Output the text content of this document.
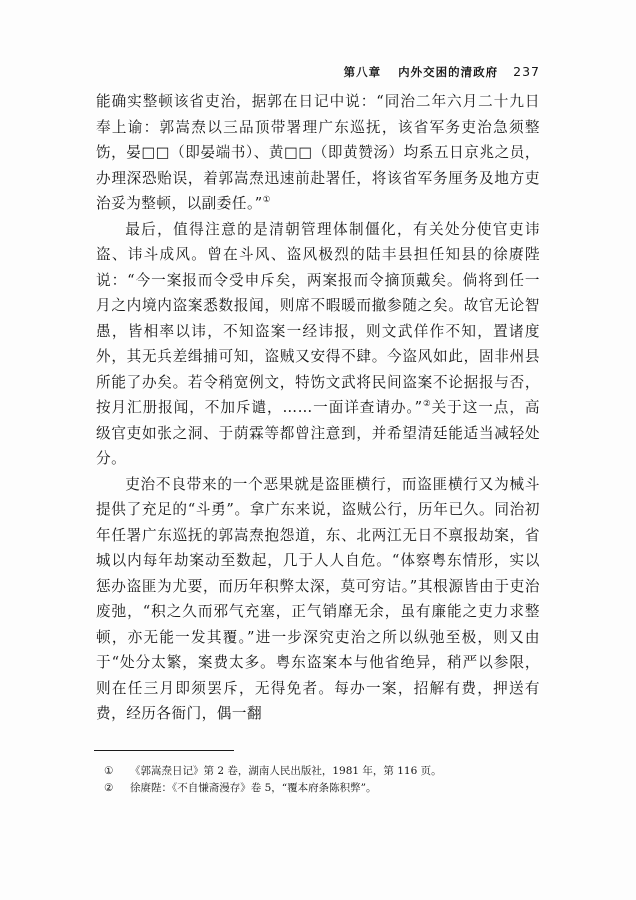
第八章 内外交困的清政府 237

能确实整顿该省吏治，据郭在日记中说：“同治二年六月二十九日奉上谕：郭嵩焘以三品顶带署理广东巡抚，该省军务吏治急须整饬，晏□□（即晏端书）、黄□□（即黄赞汤）均系五日京兆之员，办理深恐贻误，着郭嵩焘迅速前赴署任，将该省军务厘务及地方吏治妥为整顿，以副委任。”①

最后，值得注意的是清朝管理体制僵化，有关处分使官吏讳盗、讳斗成风。曾在斗风、盗风极烈的陆丰县担任知县的徐赓陛说：“今一案报而令受申斥矣，两案报而令摘顶戴矣。倘将到任一月之内境内盗案悉数报闻，则席不暇暖而撤参随之矣。故官无论智愚，皆相率以讳，不知盗案一经讳报，则文武佯作不知，置诸度外，其无兵差缉捕可知，盗贼又安得不肆。今盗风如此，固非州县所能了办矣。若令稍宽例文，特饬文武将民间盗案不论据报与否，按月汇册报闻，不加斥谴，……一面详查请办。”②关于这一点，高级官吏如张之洞、于荫霖等都曾注意到，并希望清廷能适当减轻处分。

吏治不良带来的一个恶果就是盗匪横行，而盗匪横行又为械斗提供了充足的“斗勇”。拿广东来说，盗贼公行，历年已久。同治初年任署广东巡抚的郭嵩焘抱怨道，东、北两江无日不禀报劫案，省城以内每年劫案动至数起，几于人人自危。“体察粤东情形，实以惩办盗匪为尤要，而历年积弊太深，莫可穷诘。”其根源皆由于吏治废弛，“积之久而邪气充塞，正气销靡无余，虽有廉能之吏力求整顿，亦无能一发其覆。”进一步深究吏治之所以纵弛至极，则又由于“处分太繁，案费太多。粤东盗案本与他省绝异，稍严以参限，则在任三月即须罢斥，无得免者。每办一案，招解有费，押送有费，经历各衙门，偶一翻

①	《郭嵩焘日记》第 2 卷，湖南人民出版社，1981 年，第 116 页。
②	徐赓陛：《不自慊斋漫存》卷 5，“覆本府条陈积弊”。
